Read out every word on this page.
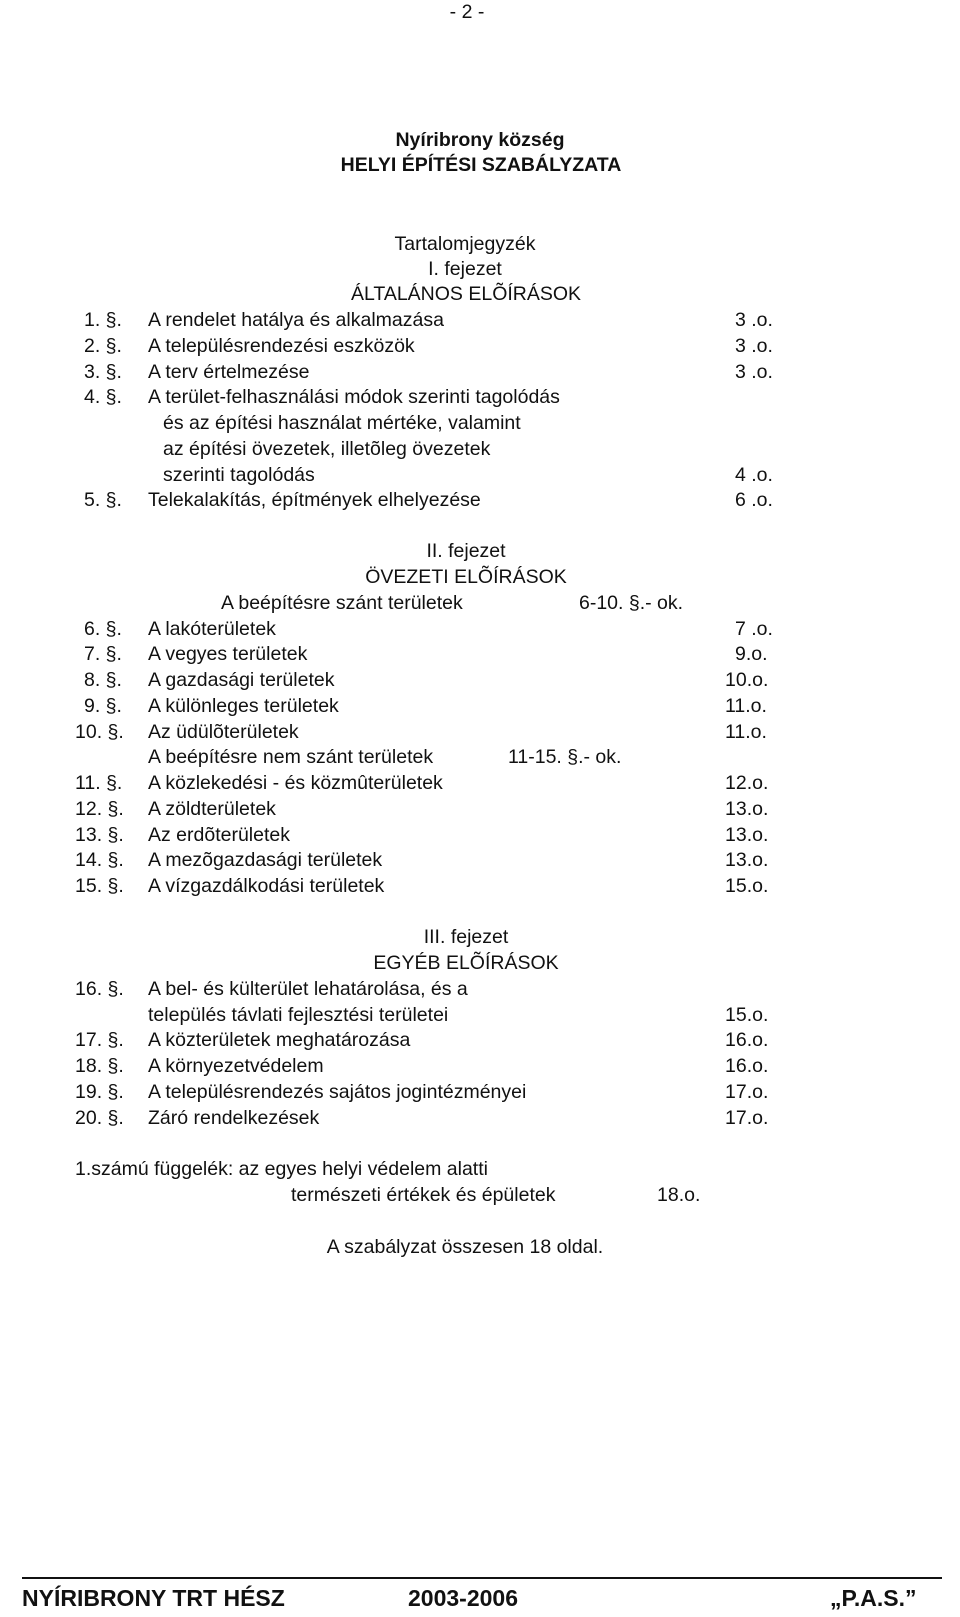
- 2 -
Nyíribrony község
HELYI ÉPÍTÉSI SZABÁLYZATA
Tartalomjegyzék
I. fejezet
ÁLTALÁNOS ELÕÍRÁSOK
1. §. A rendelet hatálya és alkalmazása	3 .o.
2. §. A településrendezési eszközök	3 .o.
3. §. A terv értelmezése	3 .o.
4. §. A terület-felhasználási módok szerinti tagolódás
és az építési használat mértéke, valamint
az építési övezetek, illetõleg övezetek
szerinti tagolódás	4 .o.
5. §. Telekalakítás, építmények elhelyezése	6 .o.
II. fejezet
ÖVEZETI ELÕÍRÁSOK
A beépítésre szánt területek	6-10. §.- ok.
6. §. A lakóterületek	7 .o.
7. §. A vegyes területek	9.o.
8. §. A gazdasági területek	10.o.
9. §. A különleges területek	11.o.
10. §. Az üdülõterületek	11.o.
A beépítésre nem szánt területek	11-15. §.- ok.
11. §. A közlekedési - és közmûterületek	12.o.
12. §. A zöldterületek	13.o.
13. §. Az erdõterületek	13.o.
14. §. A mezõgazdasági területek	13.o.
15. §. A vízgazdálkodási területek	15.o.
III. fejezet
EGYÉB ELÕÍRÁSOK
16. §. A bel- és külterület lehatárolása, és a
település távlati fejlesztési területei	15.o.
17. §. A közterületek meghatározása	16.o.
18. §. A környezetvédelem	16.o.
19. §. A településrendezés sajátos jogintézményei	17.o.
20. §. Záró rendelkezések	17.o.
1.számú függelék: az egyes helyi védelem alatti
természeti értékek és épületek	18.o.
A szabályzat összesen 18 oldal.
NYÍRIBRONY TRT HÉSZ	2003-2006	„P.A.S.”
